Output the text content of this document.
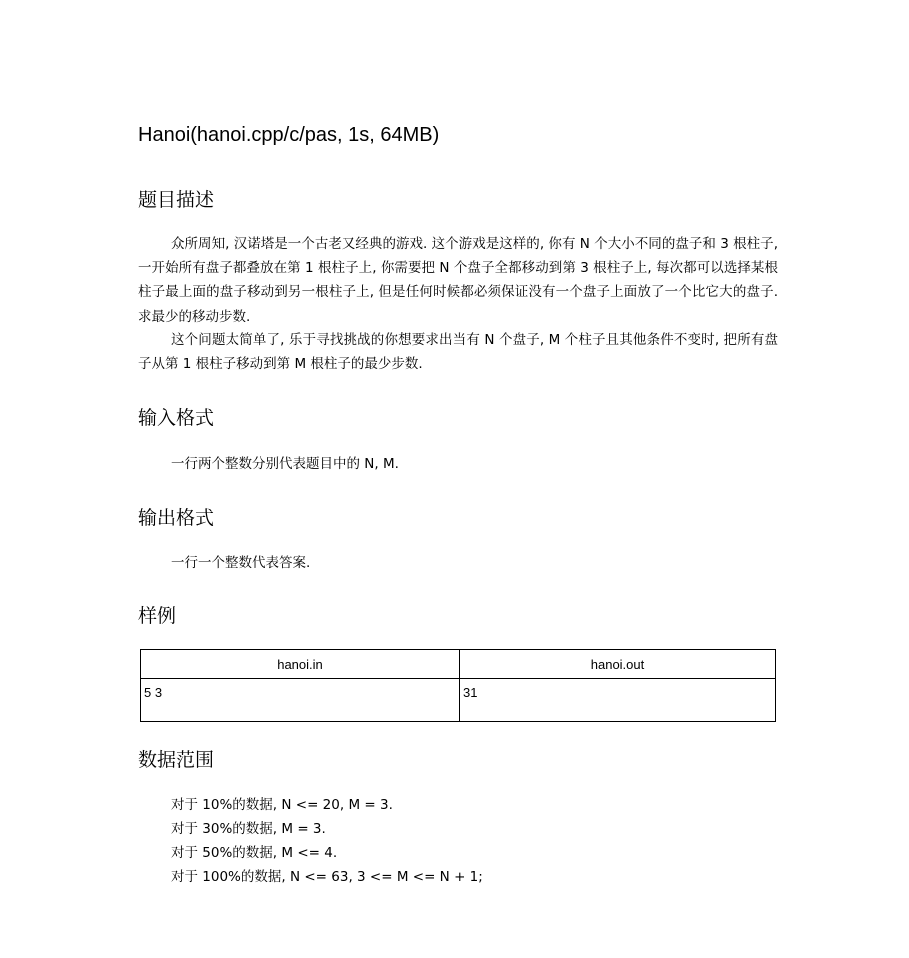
Hanoi(hanoi.cpp/c/pas, 1s, 64MB)
题目描述

众所周知, 汉诺塔是一个古老又经典的游戏. 这个游戏是这样的, 你有 N 个大小不同的盘子和 3 根柱子, 一开始所有盘子都叠放在第 1 根柱子上, 你需要把 N 个盘子全都移动到第 3 根柱子上, 每次都可以选择某根柱子最上面的盘子移动到另一根柱子上, 但是任何时候都必须保证没有一个盘子上面放了一个比它大的盘子. 求最少的移动步数.

这个问题太简单了, 乐于寻找挑战的你想要求出当有 N 个盘子, M 个柱子且其他条件不变时, 把所有盘子从第 1 根柱子移动到第 M 根柱子的最少步数.

输入格式

一行两个整数分别代表题目中的 N, M.

输出格式

一行一个整数代表答案.

样例
hanoi.in	hanoi.out
5 3	31
数据范围

对于 10%的数据, N <= 20, M = 3.

对于 30%的数据, M = 3.

对于 50%的数据, M <= 4.

对于 100%的数据, N <= 63, 3 <= M <= N + 1;
